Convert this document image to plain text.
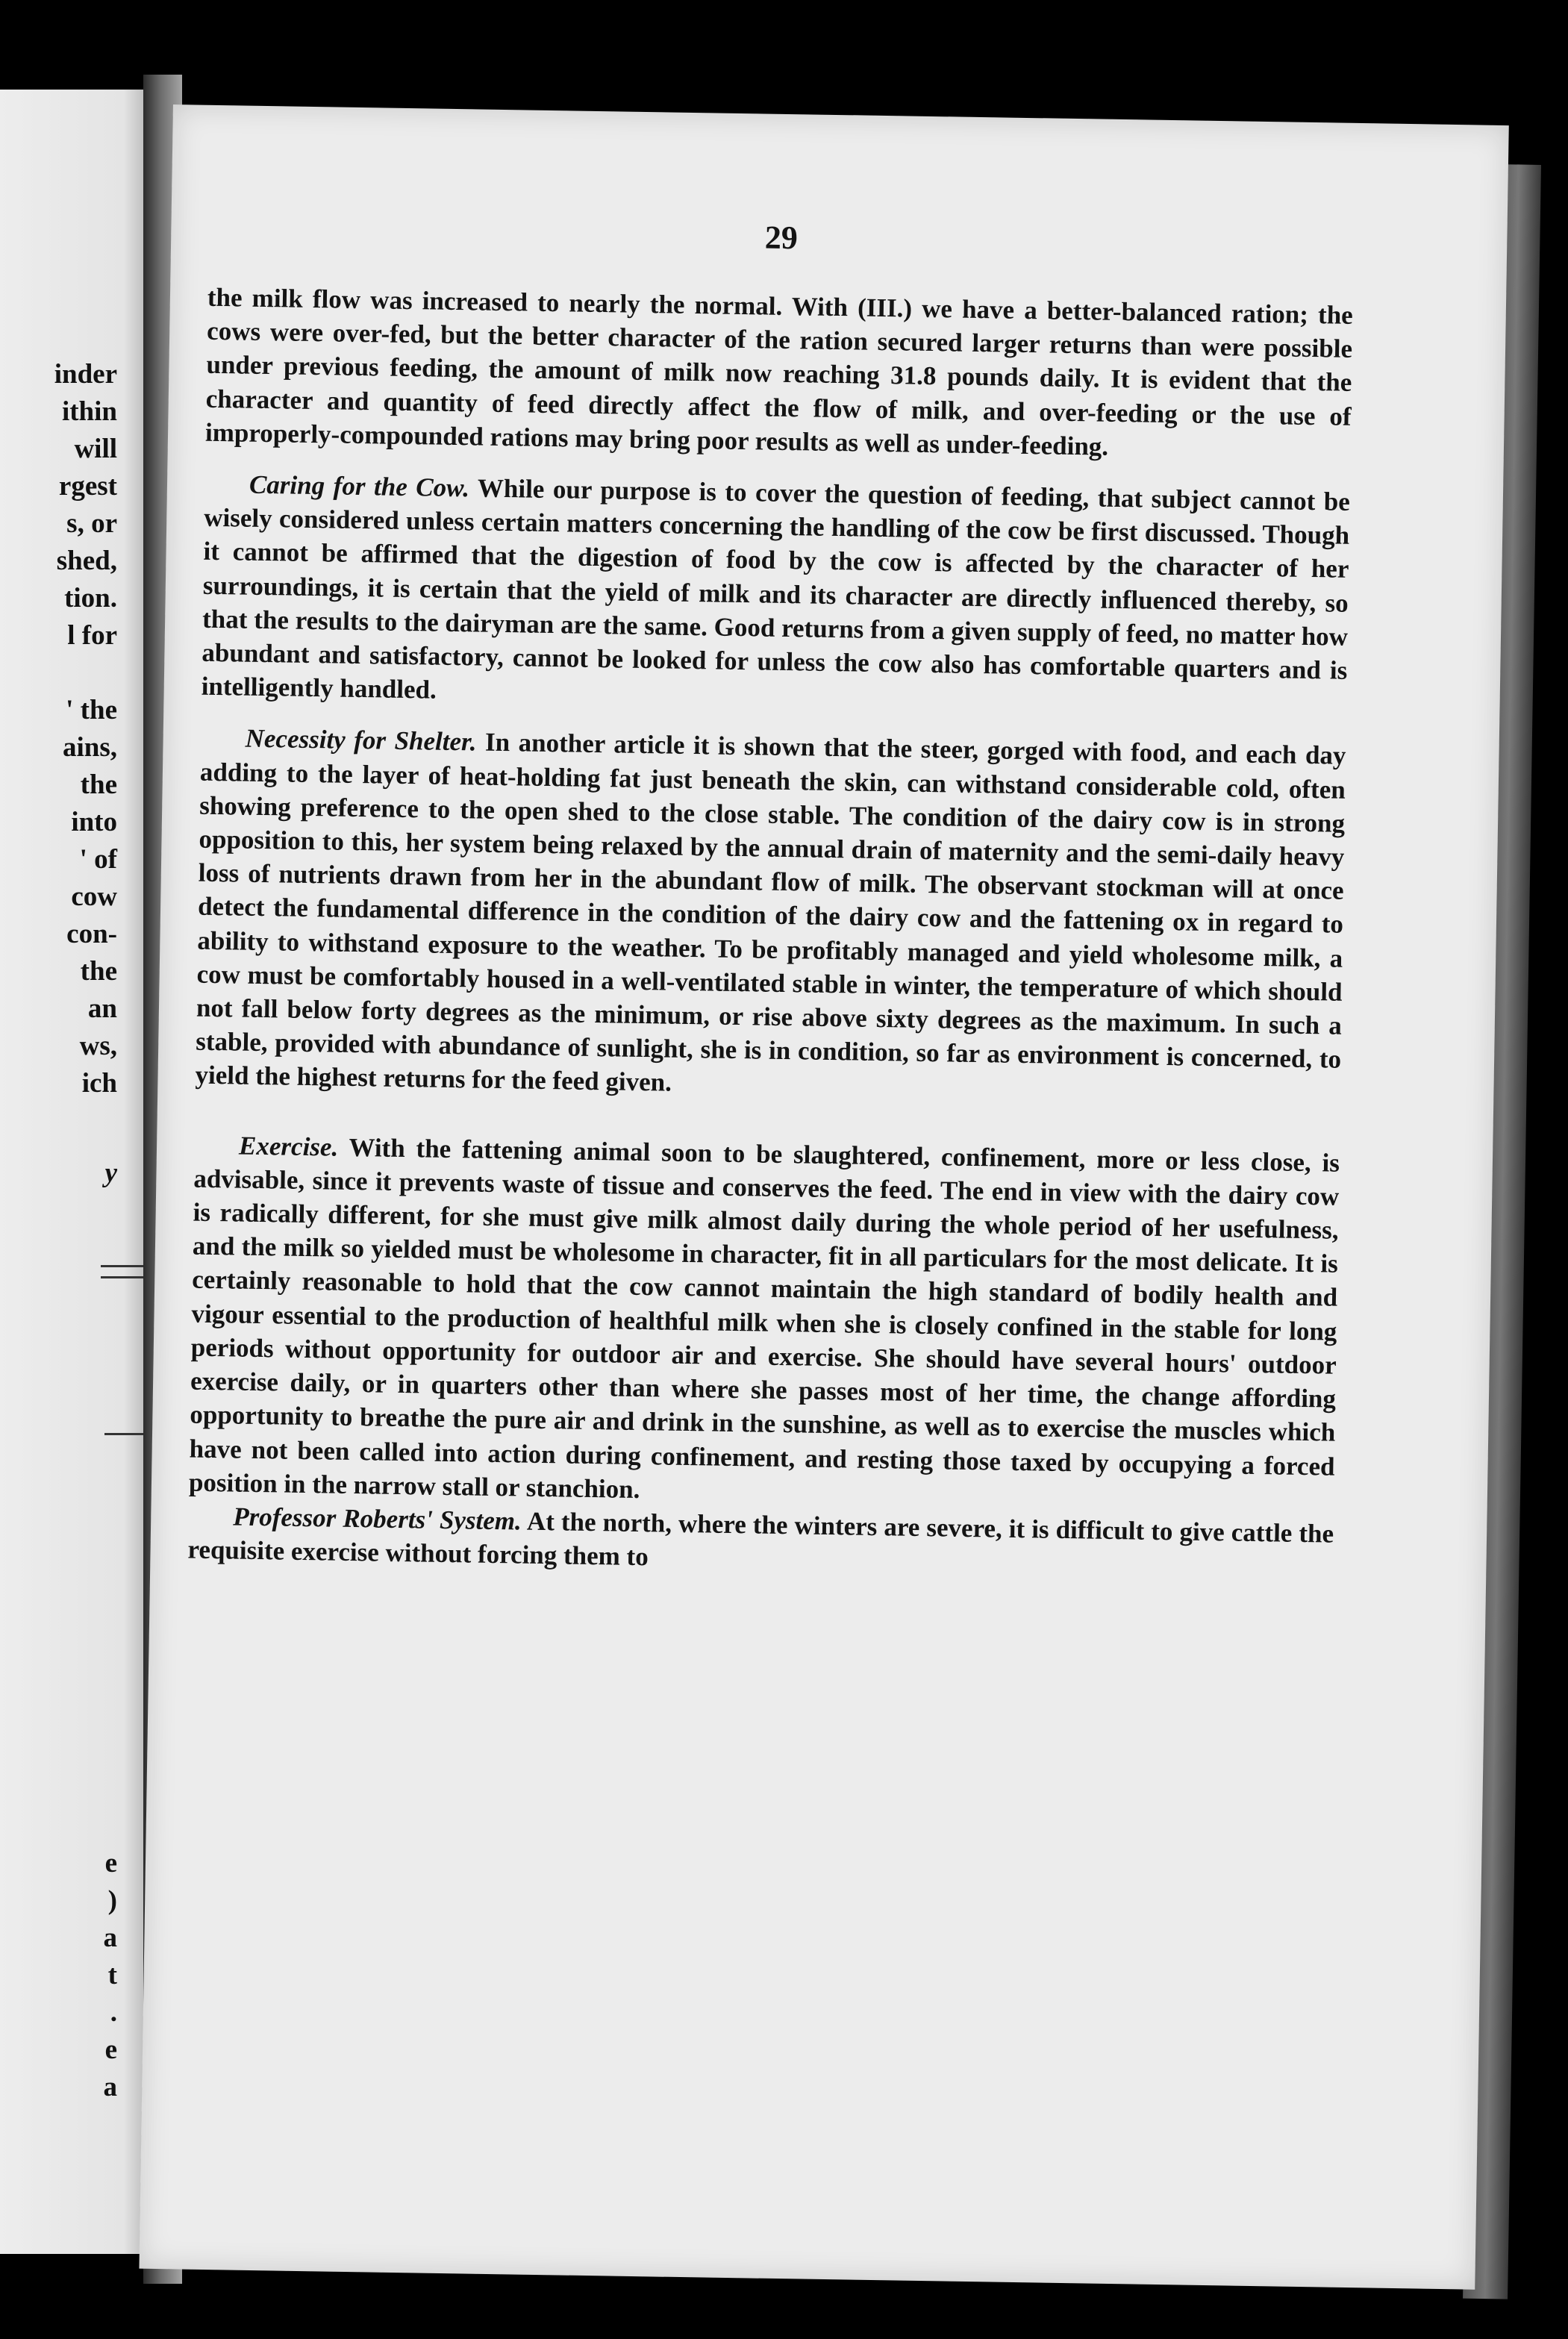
inder
ithin
will
rgest
s, or
shed,
tion.
l for
' the
ains,
the
into
' of
cow
con-
the
an
ws,
ich
y
e
)
a
t
.
e
a
29

the milk flow was increased to nearly the normal. With (III.) we have a better-balanced ration; the cows were over-fed, but the better character of the ration secured larger returns than were possible under previous feeding, the amount of milk now reaching 31.8 pounds daily. It is evident that the character and quantity of feed directly affect the flow of milk, and over-feeding or the use of improperly-compounded rations may bring poor results as well as under-feeding.

Caring for the Cow. While our purpose is to cover the question of feeding, that subject cannot be wisely considered unless certain matters concerning the handling of the cow be first discussed. Though it cannot be affirmed that the digestion of food by the cow is affected by the character of her surroundings, it is certain that the yield of milk and its character are directly influenced thereby, so that the results to the dairyman are the same. Good returns from a given supply of feed, no matter how abundant and satisfactory, cannot be looked for unless the cow also has comfortable quarters and is intelligently handled.

Necessity for Shelter. In another article it is shown that the steer, gorged with food, and each day adding to the layer of heat-holding fat just beneath the skin, can withstand considerable cold, often showing preference to the open shed to the close stable. The condition of the dairy cow is in strong opposition to this, her system being relaxed by the annual drain of maternity and the semi-daily heavy loss of nutrients drawn from her in the abundant flow of milk. The observant stockman will at once detect the fundamental difference in the condition of the dairy cow and the fattening ox in regard to ability to withstand exposure to the weather. To be profitably managed and yield wholesome milk, a cow must be comfortably housed in a well-ventilated stable in winter, the temperature of which should not fall below forty degrees as the minimum, or rise above sixty degrees as the maximum. In such a stable, provided with abundance of sunlight, she is in condition, so far as environment is concerned, to yield the highest returns for the feed given.

Exercise. With the fattening animal soon to be slaughtered, confinement, more or less close, is advisable, since it prevents waste of tissue and conserves the feed. The end in view with the dairy cow is radically different, for she must give milk almost daily during the whole period of her usefulness, and the milk so yielded must be wholesome in character, fit in all particulars for the most delicate. It is certainly reasonable to hold that the cow cannot maintain the high standard of bodily health and vigour essential to the production of healthful milk when she is closely confined in the stable for long periods without opportunity for outdoor air and exercise. She should have several hours' outdoor exercise daily, or in quarters other than where she passes most of her time, the change affording opportunity to breathe the pure air and drink in the sunshine, as well as to exercise the muscles which have not been called into action during confinement, and resting those taxed by occupying a forced position in the narrow stall or stanchion.

Professor Roberts' System. At the north, where the winters are severe, it is difficult to give cattle the requisite exercise without forcing them to
